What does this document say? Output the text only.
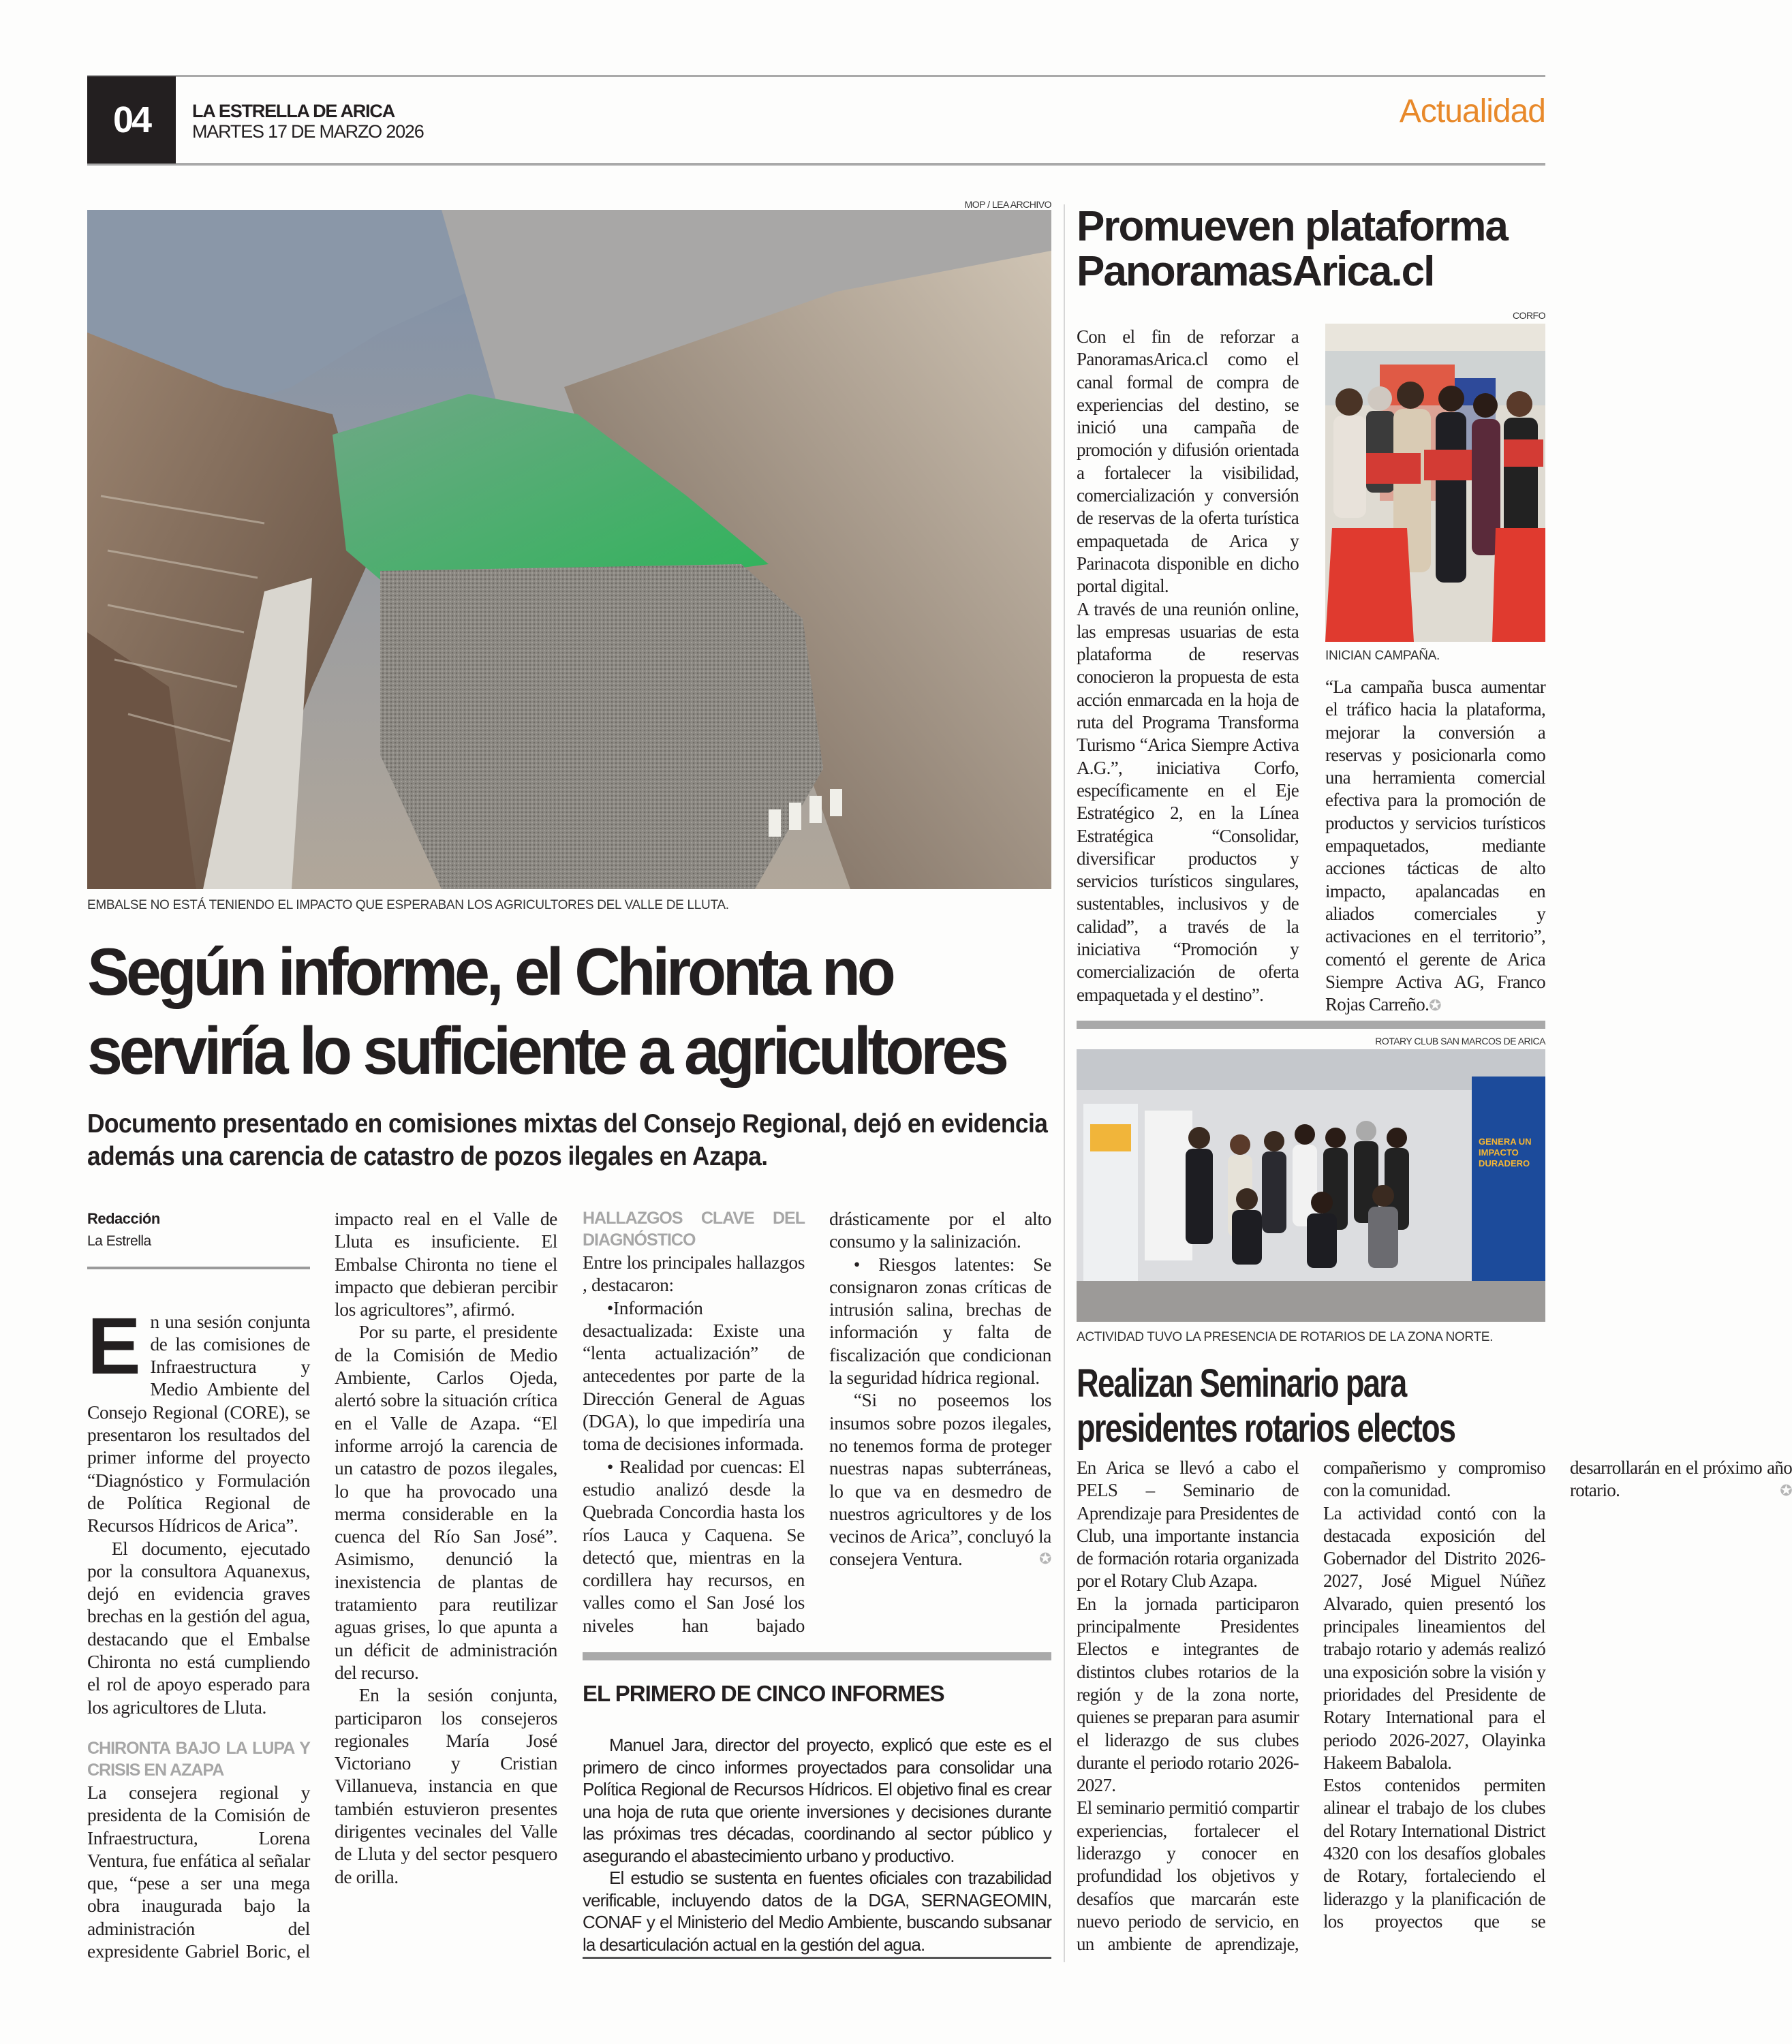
04	LA ESTRELLA DE ARICA
MARTES 17 DE MARZO 2026
Actualidad
MOP / LEA ARCHIVO
EMBALSE NO ESTÁ TENIENDO EL IMPACTO QUE ESPERABAN LOS AGRICULTORES DEL VALLE DE LLUTA.
Según informe, el Chironta no serviría lo suficiente a agricultores
Documento presentado en comisiones mixtas del Consejo Regional, dejó en evidencia además una carencia de catastro de pozos ilegales en Azapa.
Redacción
La Estrella

En una sesión conjunta de las comisiones de Infraestructura y Medio Ambiente del Consejo Regional (CORE), se presentaron los resultados del primer informe del proyecto “Diagnóstico y Formulación de Política Regional de Recursos Hídricos de Arica”.

El documento, ejecutado por la consultora Aquanexus, dejó en evidencia graves brechas en la gestión del agua, destacando que el Embalse Chironta no está cumpliendo el rol de apoyo esperado para los agricultores de Lluta.

CHIRONTA BAJO LA LUPA Y CRISIS EN AZAPA

La consejera regional y presidenta de la Comisión de Infraestructura, Lorena Ventura, fue enfática al señalar que, “pese a ser una mega obra inaugurada bajo la administración del expresidente Gabriel Boric, el impacto real en el Valle de Lluta es insuficiente. El Embalse Chironta no tiene el impacto que debieran percibir los agricultores”, afirmó.

Por su parte, el presidente de la Comisión de Medio Ambiente, Carlos Ojeda, alertó sobre la situación crítica en el Valle de Azapa. “El informe arrojó la carencia de un catastro de pozos ilegales, lo que ha provocado una merma considerable en la cuenca del Río San José”. Asimismo, denunció la inexistencia de plantas de tratamiento para reutilizar aguas grises, lo que apunta a un déficit de administración del recurso.

En la sesión conjunta, participaron los consejeros regionales María José Victoriano y Cristian Villanueva, instancia en que también estuvieron presentes dirigentes vecinales del Valle de Lluta y del sector pesquero de orilla.

HALLAZGOS CLAVE DEL DIAGNÓSTICO

Entre los principales hallazgos , destacaron:

•Información desactualizada: Existe una “lenta actualización” de antecedentes por parte de la Dirección General de Aguas (DGA), lo que impediría una toma de decisiones informada.

• Realidad por cuencas: El estudio analizó desde la Quebrada Concordia hasta los ríos Lauca y Caquena. Se detectó que, mientras en la cordillera hay recursos, en valles como el San José los niveles han bajado drásticamente por el alto consumo y la salinización.

• Riesgos latentes: Se consignaron zonas críticas de intrusión salina, brechas de información y falta de fiscalización que condicionan la seguridad hídrica regional.

“Si no poseemos los insumos sobre pozos ilegales, no tenemos forma de proteger nuestras napas subterráneas, lo que va en desmedro de nuestros agricultores y de los vecinos de Arica”, concluyó la consejera Ventura.	✪

EL PRIMERO DE CINCO INFORMES

Manuel Jara, director del proyecto, explicó que este es el primero de cinco informes proyectados para consolidar una Política Regional de Recursos Hídricos. El objetivo final es crear una hoja de ruta que oriente inversiones y decisiones durante las próximas tres décadas, coordinando al sector público y asegurando el abastecimiento urbano y productivo.

El estudio se sustenta en fuentes oficiales con trazabilidad verificable, incluyendo datos de la DGA, SERNAGEOMIN, CONAF y el Ministerio del Medio Ambiente, buscando subsanar la desarticulación actual en la gestión del agua.

Promueven plataforma PanoramasArica.cl

Con el fin de reforzar a PanoramasArica.cl como el canal formal de compra de experiencias del destino, se inició una campaña de promoción y difusión orientada a fortalecer la visibilidad, comercialización y conversión de reservas de la oferta turística empaquetada de Arica y Parinacota disponible en dicho portal digital.

A través de una reunión online, las empresas usuarias de esta plataforma de reservas conocieron la propuesta de esta acción enmarcada en la hoja de ruta del Programa Transforma Turismo “Arica Siempre Activa A.G.”, iniciativa Corfo, específicamente en el Eje Estratégico 2, en la Línea Estratégica “Consolidar, diversificar productos y servicios turísticos singulares, sustentables, inclusivos y de calidad”, a través de la iniciativa “Promoción y comercialización de oferta empaquetada y el destino”.

CORFO
INICIAN CAMPAÑA.

“La campaña busca aumentar el tráfico hacia la plataforma, mejorar la conversión a reservas y posicionarla como una herramienta comercial efectiva para la promoción de productos y servicios turísticos empaquetados, mediante acciones tácticas de alto impacto, apalancadas en aliados comerciales y activaciones en el territorio”, comentó el gerente de Arica Siempre Activa AG, Franco Rojas Carreño.✪

ROTARY CLUB SAN MARCOS DE ARICA
GENERA UN IMPACTO DURADERO
ACTIVIDAD TUVO LA PRESENCIA DE ROTARIOS DE LA ZONA NORTE.
Realizan Seminario para presidentes rotarios electos

En Arica se llevó a cabo el PELS – Seminario de Aprendizaje para Presidentes de Club, una importante instancia de formación rotaria organizada por el Rotary Club Azapa.

En la jornada participaron principalmente Presidentes Electos e integrantes de distintos clubes rotarios de la región y de la zona norte, quienes se preparan para asumir el liderazgo de sus clubes durante el periodo rotario 2026-2027.

El seminario permitió compartir experiencias, fortalecer el liderazgo y conocer en profundidad los objetivos y desafíos que marcarán este nuevo periodo de servicio, en un ambiente de aprendizaje, compañerismo y compromiso con la comunidad.

La actividad contó con la destacada exposición del Gobernador del Distrito 2026-2027, José Miguel Núñez Alvarado, quien presentó los principales lineamientos del trabajo rotario y además realizó una exposición sobre la visión y prioridades del Presidente de Rotary International para el periodo 2026-2027, Olayinka Hakeem Babalola.

Estos contenidos permiten alinear el trabajo de los clubes del Rotary International District 4320 con los desafíos globales de Rotary, fortaleciendo el liderazgo y la planificación de los proyectos que se desarrollarán en el próximo año rotario.	✪
